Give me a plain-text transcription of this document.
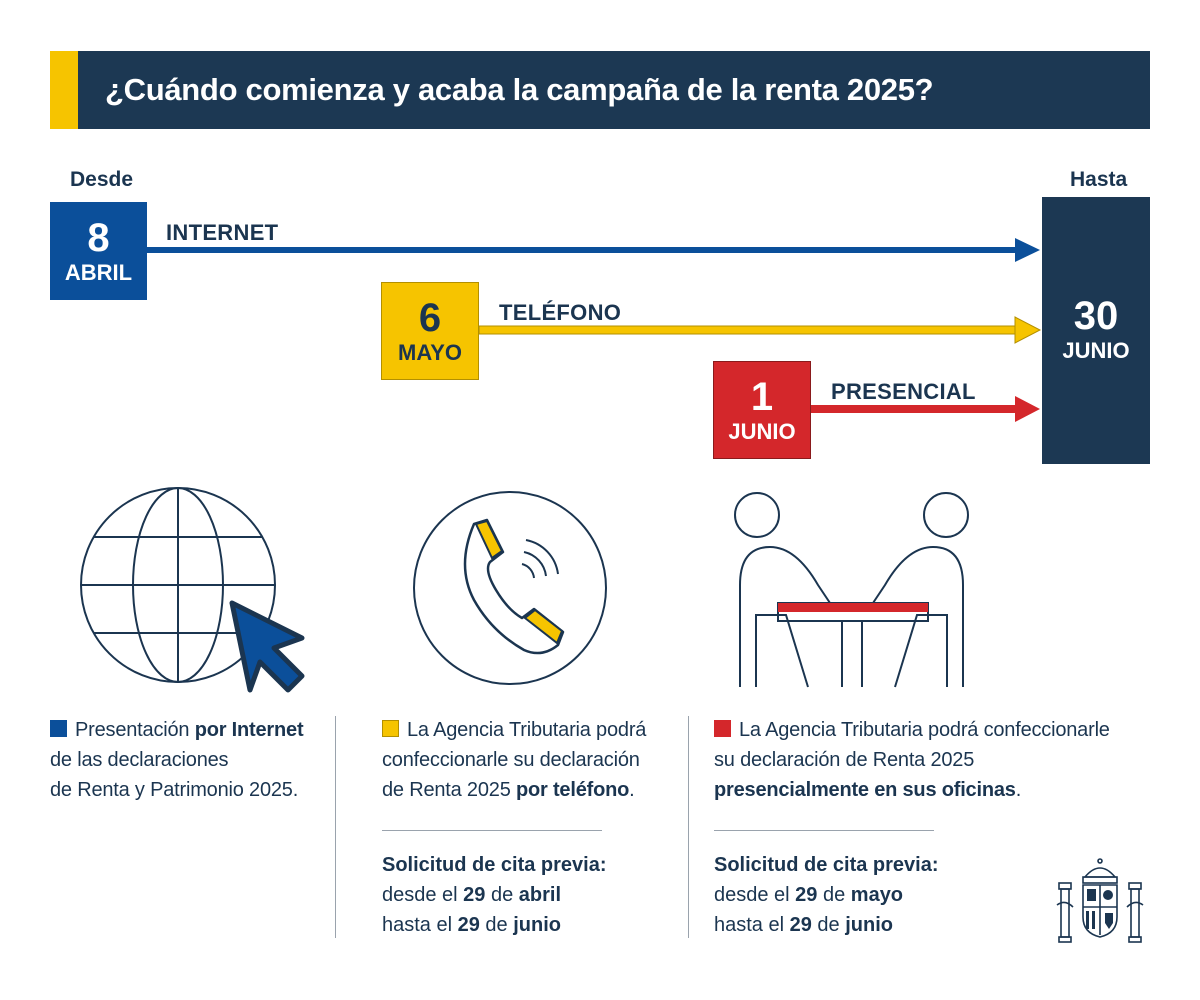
¿Cuándo comienza y acaba la campaña de la renta 2025?
Desde	Hasta
8
ABRIL
6
MAYO
1
JUNIO
30
JUNIO
INTERNET
TELÉFONO
PRESENCIAL
Presentación por Internet
de las declaraciones
de Renta y Patrimonio 2025.
La Agencia Tributaria podrá
confeccionarle su declaración
de Renta 2025 por teléfono.
Solicitud de cita previa:
desde el 29 de abril
hasta el 29 de junio
La Agencia Tributaria podrá confeccionarle
su declaración de Renta 2025
presencialmente en sus oficinas.
Solicitud de cita previa:
desde el 29 de mayo
hasta el 29 de junio
